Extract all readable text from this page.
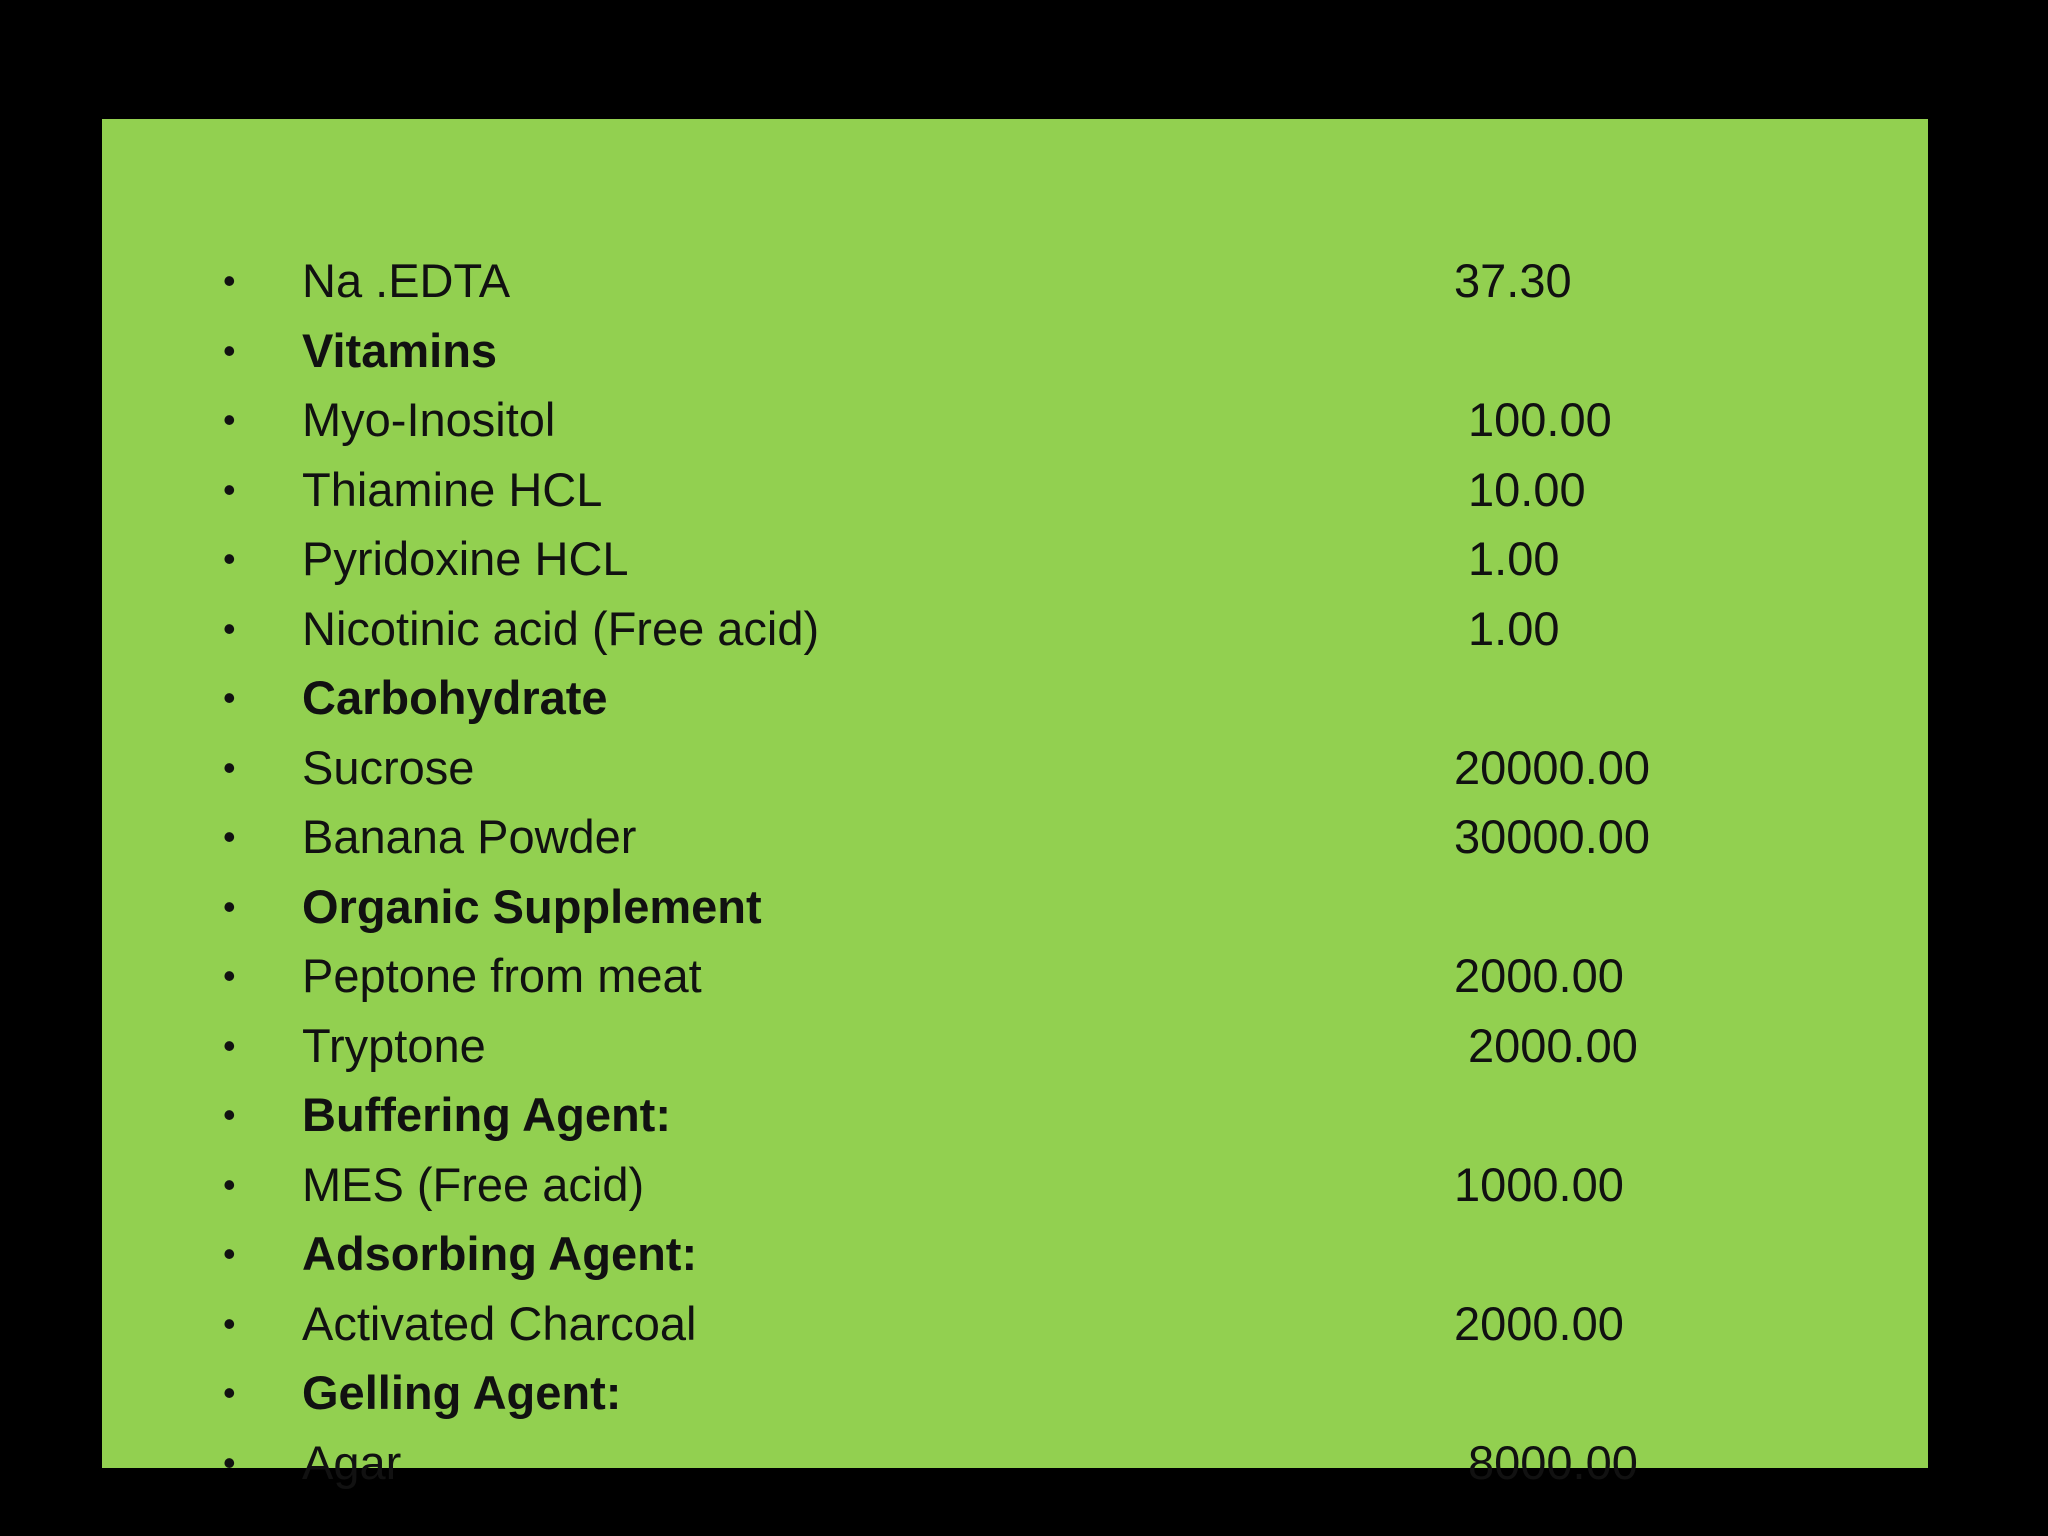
• Na .EDTA	37.30
• Vitamins
• Myo-Inositol	100.00
• Thiamine HCL	10.00
• Pyridoxine HCL	1.00
• Nicotinic acid (Free acid)	1.00
• Carbohydrate
• Sucrose	20000.00
• Banana Powder	30000.00
• Organic Supplement
• Peptone from meat	2000.00
• Tryptone	2000.00
• Buffering Agent:
• MES (Free acid)	1000.00
• Adsorbing Agent:
• Activated Charcoal	2000.00
• Gelling Agent:
• Agar	8000.00
